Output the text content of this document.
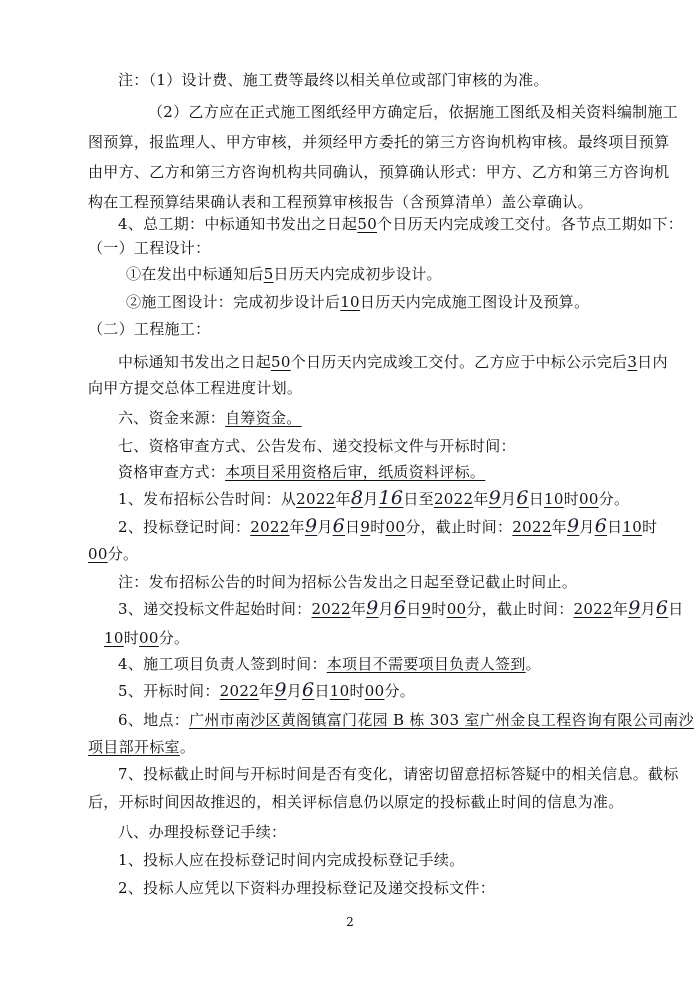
注：（1）设计费、施工费等最终以相关单位或部门审核的为准。
（2）乙方应在正式施工图纸经甲方确定后，依据施工图纸及相关资料编制施工
图预算，报监理人、甲方审核，并须经甲方委托的第三方咨询机构审核。最终项目预算
由甲方、乙方和第三方咨询机构共同确认，预算确认形式：甲方、乙方和第三方咨询机
构在工程预算结果确认表和工程预算审核报告（含预算清单）盖公章确认。
4、总工期：中标通知书发出之日起50个日历天内完成竣工交付。各节点工期如下：
（一）工程设计：
①在发出中标通知后5日历天内完成初步设计。
②施工图设计：完成初步设计后10日历天内完成施工图设计及预算。
（二）工程施工：
中标通知书发出之日起50个日历天内完成竣工交付。乙方应于中标公示完后3日内
向甲方提交总体工程进度计划。
六、资金来源：自筹资金。
七、资格审查方式、公告发布、递交投标文件与开标时间：
资格审查方式：本项目采用资格后审，纸质资料评标。
1、发布招标公告时间：从2022年8月16日至2022年9月6日10时00分。
2、投标登记时间：2022年9月6日9时00分，截止时间：2022年9月6日10时
00分。
注：发布招标公告的时间为招标公告发出之日起至登记截止时间止。
3、递交投标文件起始时间：2022年9月6日9时00分，截止时间：2022年9月6日
10时00分。
4、施工项目负责人签到时间：本项目不需要项目负责人签到。
5、开标时间：2022年9月6日10时00分。
6、地点：广州市南沙区黄阁镇富门花园 B 栋 303 室广州金良工程咨询有限公司南沙
项目部开标室。
7、投标截止时间与开标时间是否有变化，请密切留意招标答疑中的相关信息。截标
后，开标时间因故推迟的，相关评标信息仍以原定的投标截止时间的信息为准。
八、办理投标登记手续：
1、投标人应在投标登记时间内完成投标登记手续。
2、投标人应凭以下资料办理投标登记及递交投标文件：
2
